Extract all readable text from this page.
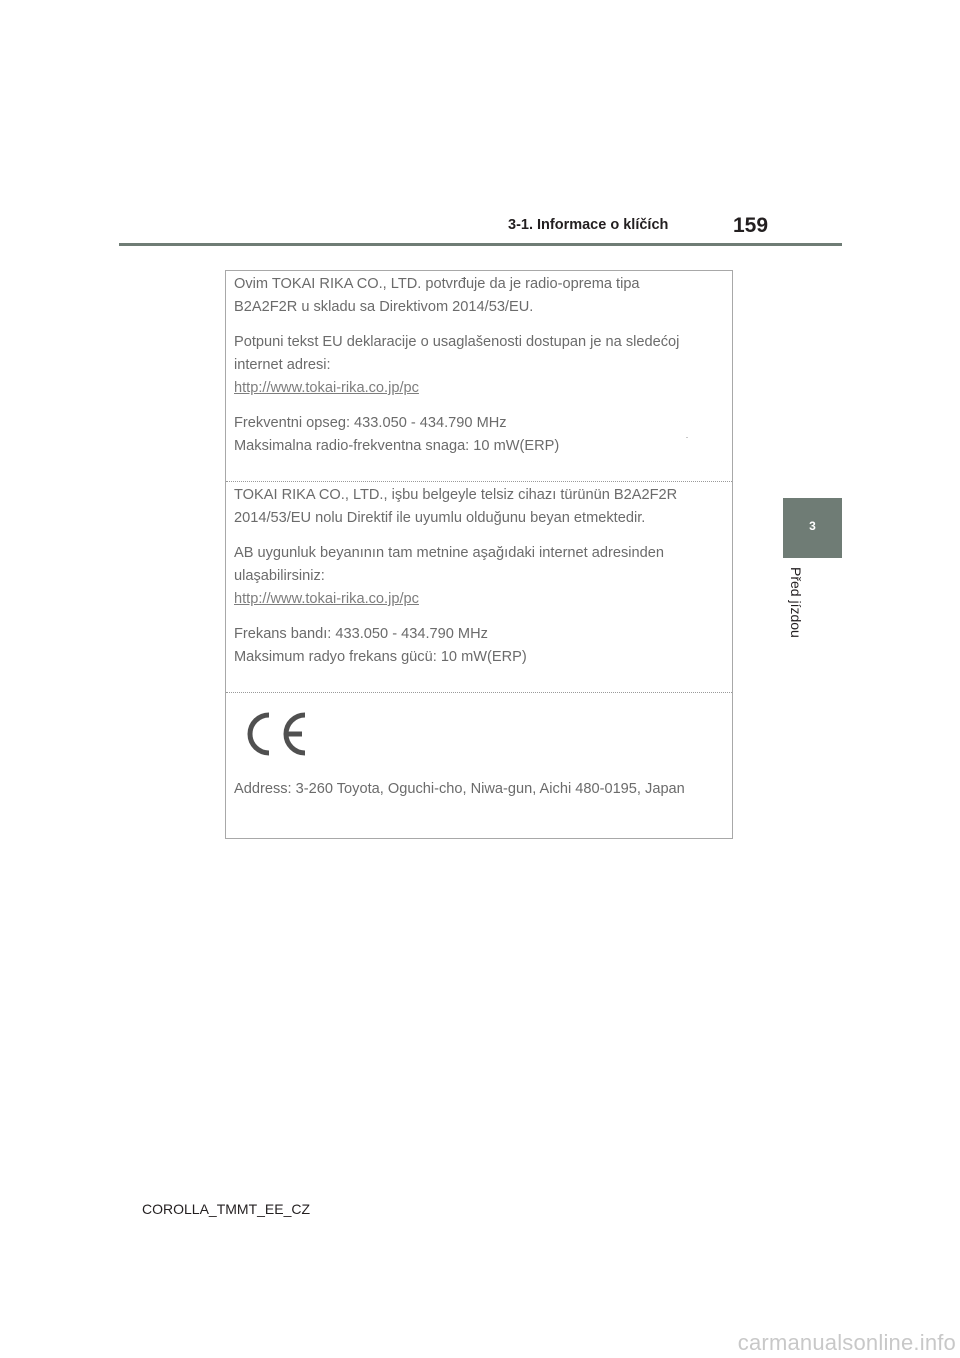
3-1. Informace o klíčích	159
3
Před jízdou

Ovim TOKAI RIKA CO., LTD. potvrđuje da je radio-oprema tipa

B2A2F2R u skladu sa Direktivom 2014/53/EU.

Potpuni tekst EU deklaracije o usaglašenosti dostupan je na sledećoj

internet adresi:

http://www.tokai-rika.co.jp/pc

Frekventni opseg: 433.050 - 434.790 MHz

Maksimalna radio-frekventna snaga: 10 mW(ERP)

TOKAI RIKA CO., LTD., işbu belgeyle telsiz cihazı türünün B2A2F2R

2014/53/EU nolu Direktif ile uyumlu olduğunu beyan etmektedir.

AB uygunluk beyanının tam metnine aşağıdaki internet adresinden

ulaşabilirsiniz:

http://www.tokai-rika.co.jp/pc

Frekans bandı: 433.050 - 434.790 MHz

Maksimum radyo frekans gücü: 10 mW(ERP)

Address: 3-260 Toyota, Oguchi-cho, Niwa-gun, Aichi 480-0195, Japan
COROLLA_TMMT_EE_CZ
carmanualsonline.info
